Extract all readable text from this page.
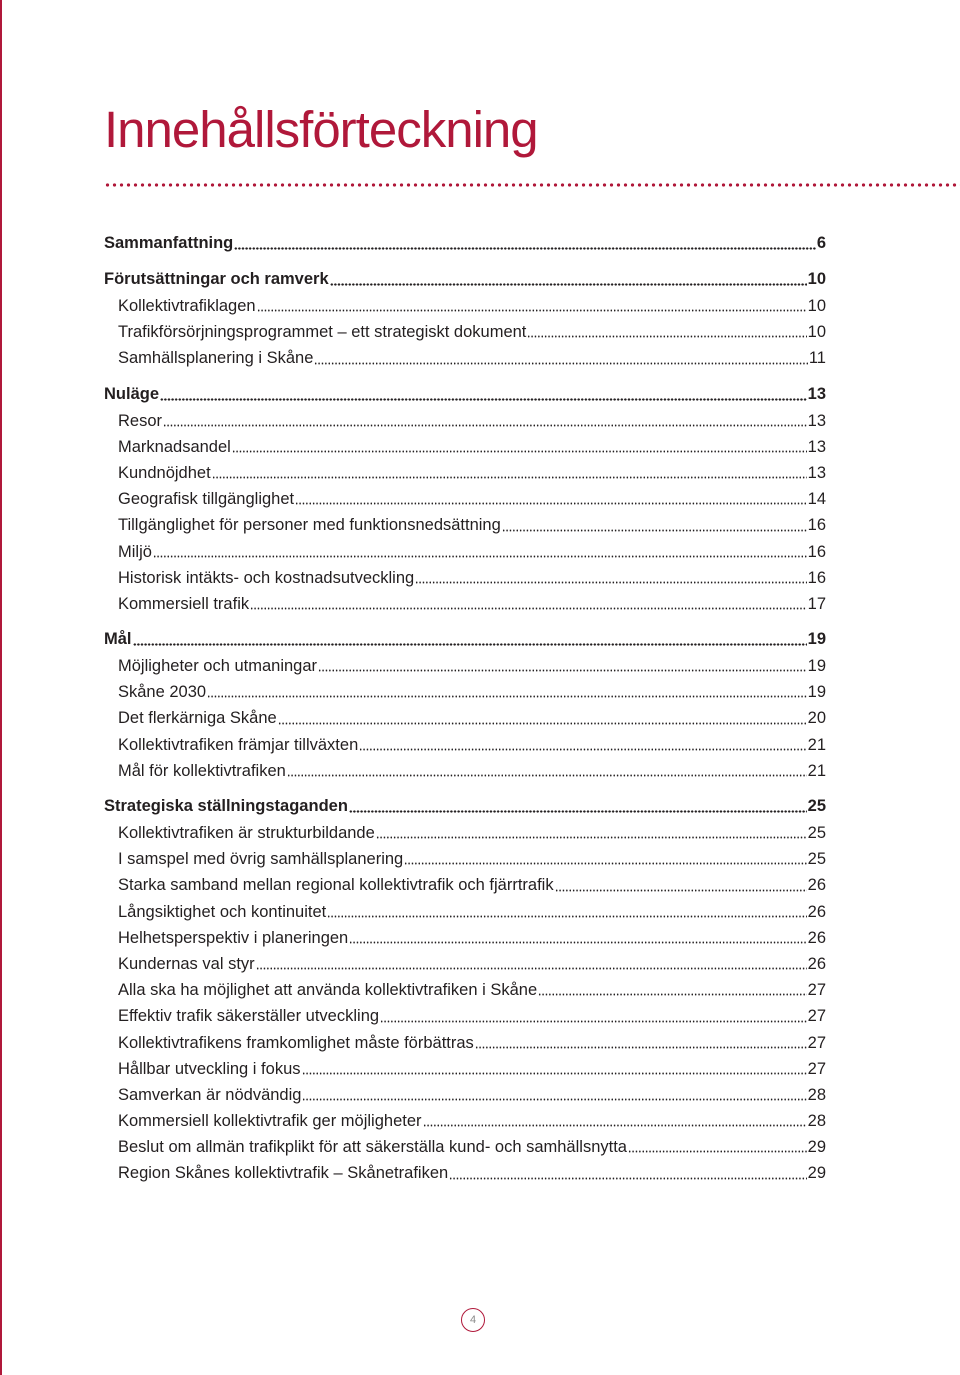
Innehållsförteckning
Sammanfattning	6
Förutsättningar och ramverk	10
Kollektivtrafiklagen	10
Trafikförsörjningsprogrammet – ett strategiskt dokument	10
Samhällsplanering i Skåne	11
Nuläge	13
Resor	13
Marknadsandel	13
Kundnöjdhet	13
Geografisk tillgänglighet	14
Tillgänglighet för personer med funktionsnedsättning	16
Miljö	16
Historisk intäkts- och kostnadsutveckling	16
Kommersiell trafik	17
Mål	19
Möjligheter och utmaningar	19
Skåne 2030	19
Det flerkärniga Skåne	20
Kollektivtrafiken främjar tillväxten	21
Mål för kollektivtrafiken	21
Strategiska ställningstaganden	25
Kollektivtrafiken är strukturbildande	25
I samspel med övrig samhällsplanering	25
Starka samband mellan regional kollektivtrafik och fjärrtrafik	26
Långsiktighet och kontinuitet	26
Helhetsperspektiv i planeringen	26
Kundernas val styr	26
Alla ska ha möjlighet att använda kollektivtrafiken i Skåne	27
Effektiv trafik säkerställer utveckling	27
Kollektivtrafikens framkomlighet måste förbättras	27
Hållbar utveckling i fokus	27
Samverkan är nödvändig	28
Kommersiell kollektivtrafik ger möjligheter	28
Beslut om allmän trafikplikt för att säkerställa kund- och samhällsnytta	29
Region Skånes kollektivtrafik – Skånetrafiken	29
4
